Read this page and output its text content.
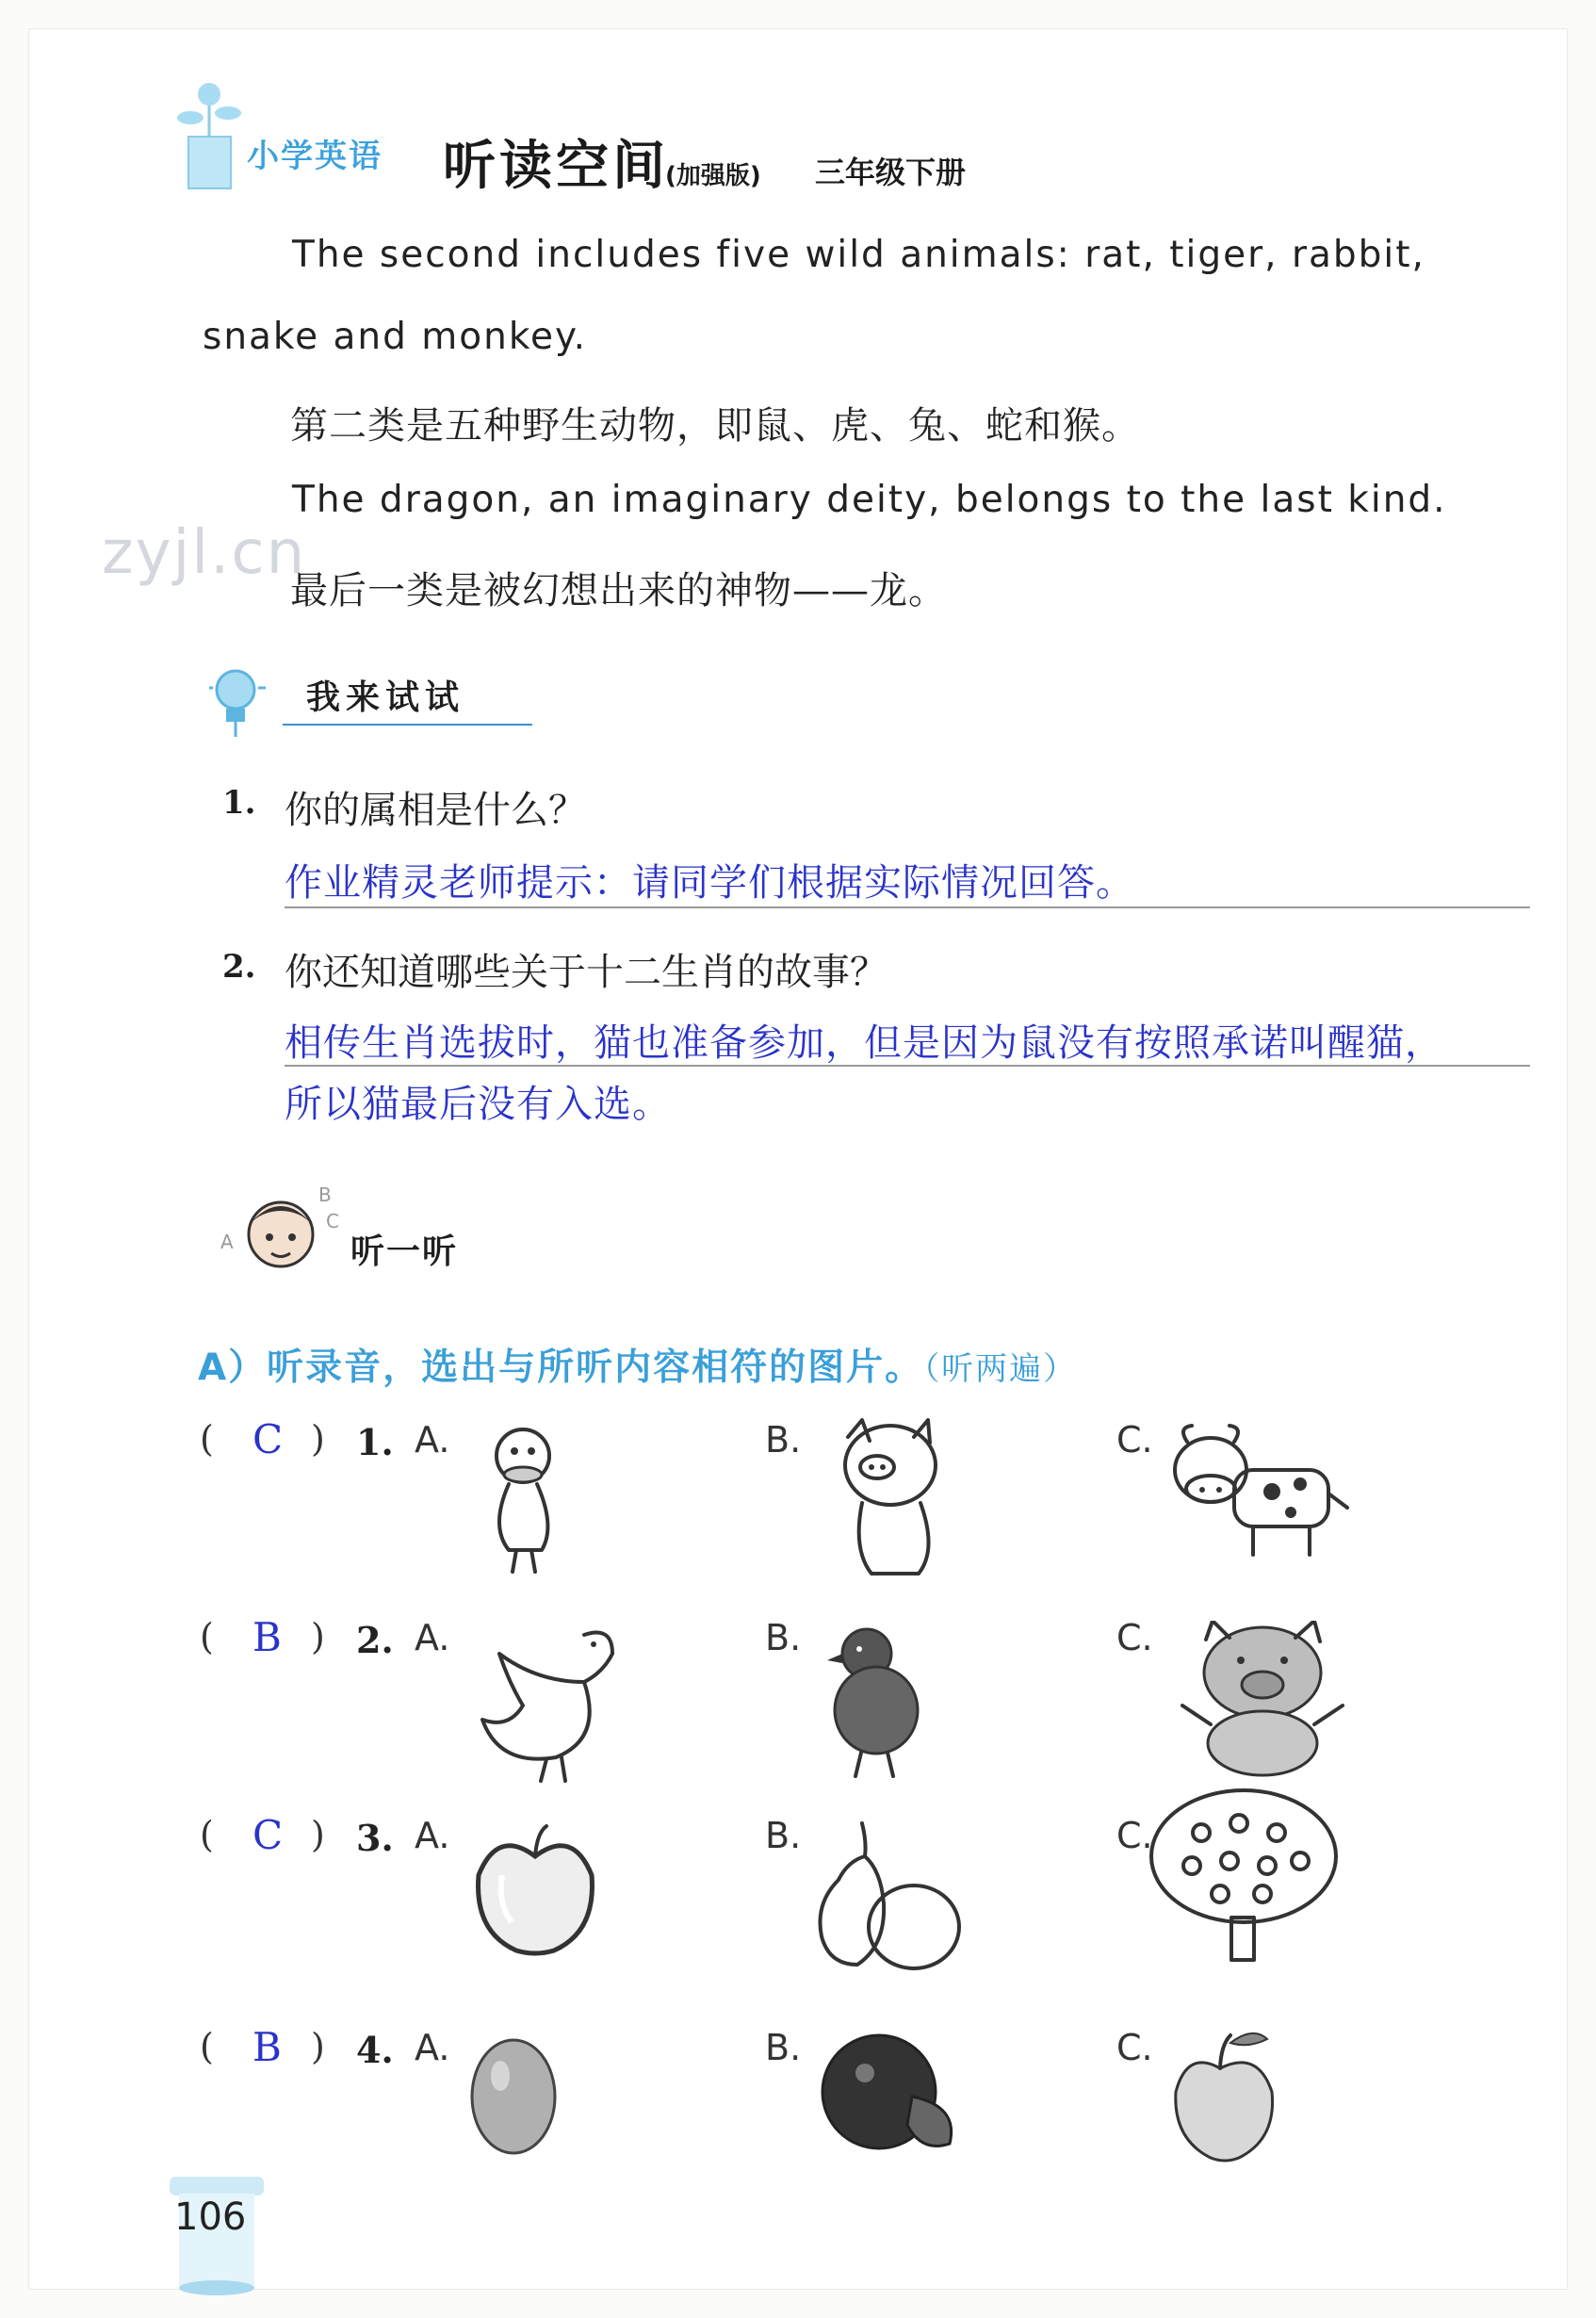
小学英语 听读空间
(加强版) 三年级下册
The second includes five wild animals: rat, tiger, rabbit,
snake and monkey.
第二类是五种野生动物，即鼠、虎、兔、蛇和猴。
The dragon, an imaginary deity, belongs to the last kind.
zyjl.cn
最后一类是被幻想出来的神物——龙。
我来试试
1. 你的属相是什么？
作业精灵老师提示：请同学们根据实际情况回答。
2. 你还知道哪些关于十二生肖的故事？
相传生肖选拔时，猫也准备参加，但是因为鼠没有按照承诺叫醒猫，
所以猫最后没有入选。
A
B
C
听一听
A）听录音，选出与所听内容相符的图片。（听两遍）
( C ) 1. A.	B.	C.
( B ) 2. A.	B.	C.
( C ) 3. A.	B.	C.
( B ) 4. A.	B.	C.
106
